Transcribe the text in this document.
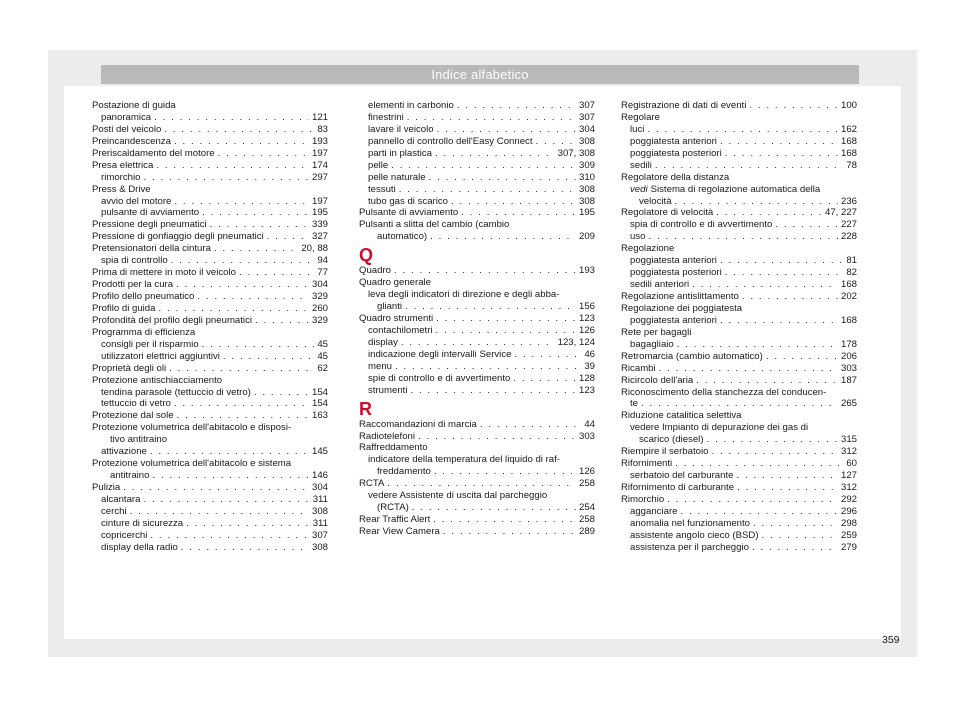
Indice alfabetico
Postazione di guida
panoramica . . .	121
Posti del veicolo . . .	83
Preincandescenza . . .	193
Preriscaldamento del motore . . .	197
Presa elettrica . . .	174
rimorchio . . .	297
Press & Drive
avvio del motore . . .	197
pulsante di avviamento . . .	195
Pressione degli pneumatici . . .	339
Pressione di gonfiaggio degli pneumatici . . .	327
Pretensionatori della cintura . . .	20, 88
spia di controllo . . .	94
Prima di mettere in moto il veicolo . . .	77
Prodotti per la cura . . .	304
Profilo dello pneumatico . . .	329
Profilo di guida . . .	260
Profondità del profilo degli pneumatici . . .	329
Programma di efficienza
consigli per il risparmio . . .	45
utilizzatori elettrici aggiuntivi . . .	45
Proprietà degli oli . . .	62
Protezione antischiacciamento
tendina parasole (tettuccio di vetro) . . .	154
tettuccio di vetro . . .	154
Protezione dal sole . . .	163
Protezione volumetrica dell'abitacolo e disposi-
tivo antitraino
attivazione . . .	145
Protezione volumetrica dell'abitacolo e sistema
antitraino . . .	146
Pulizia . . .	304
alcantara . . .	311
cerchi . . .	308
cinture di sicurezza . . .	311
copricerchi . . .	307
display della radio . . .	308
elementi in carbonio . . .	307
finestrini . . .	307
lavare il veicolo . . .	304
pannello di controllo dell'Easy Connect . . .	308
parti in plastica . . .	307, 308
pelle . . .	309
pelle naturale . . .	310
tessuti . . .	308
tubo gas di scarico . . .	308
Pulsante di avviamento . . .	195
Pulsanti a slitta del cambio (cambio
automatico) . . .	209
Q
Quadro . . .	193
Quadro generale
leva degli indicatori di direzione e degli abba-
glianti . . .	156
Quadro strumenti . . .	123
contachilometri . . .	126
display . . .	123, 124
indicazione degli intervalli Service . . .	46
menu . . .	39
spie di controllo e di avvertimento . . .	128
strumenti . . .	123
R
Raccomandazioni di marcia . . .	44
Radiotelefoni . . .	303
Raffreddamento
indicatore della temperatura del liquido di raf-
freddamento . . .	126
RCTA . . .	258
vedere Assistente di uscita dal parcheggio
(RCTA) . . .	254
Rear Traffic Alert . . .	258
Rear View Camera . . .	289
Registrazione di dati di eventi . . .	100
Regolare
luci . . .	162
poggiatesta anteriori . . .	168
poggiatesta posteriori . . .	168
sedili . . .	78
Regolatore della distanza
vedi Sistema di regolazione automatica della
velocità . . .	236
Regolatore di velocità . . .	47, 227
spia di controllo e di avvertimento . . .	227
uso . . .	228
Regolazione
poggiatesta anteriori . . .	81
poggiatesta posteriori . . .	82
sedili anteriori . . .	168
Regolazione antislittamento . . .	202
Regolazione dei poggiatesta
poggiatesta anteriori . . .	168
Rete per bagagli
bagagliaio . . .	178
Retromarcia (cambio automatico) . . .	206
Ricambi . . .	303
Ricircolo dell'aria . . .	187
Riconoscimento della stanchezza del conducen-
te . . .	265
Riduzione catalitica selettiva
vedere Impianto di depurazione dei gas di
scarico (diesel) . . .	315
Riempire il serbatoio . . .	312
Rifornimenti . . .	60
serbatoio del carburante . . .	127
Rifornimento di carburante . . .	312
Rimorchio . . .	292
agganciare . . .	296
anomalia nel funzionamento . . .	298
assistente angolo cieco (BSD) . . .	259
assistenza per il parcheggio . . .	279
359
